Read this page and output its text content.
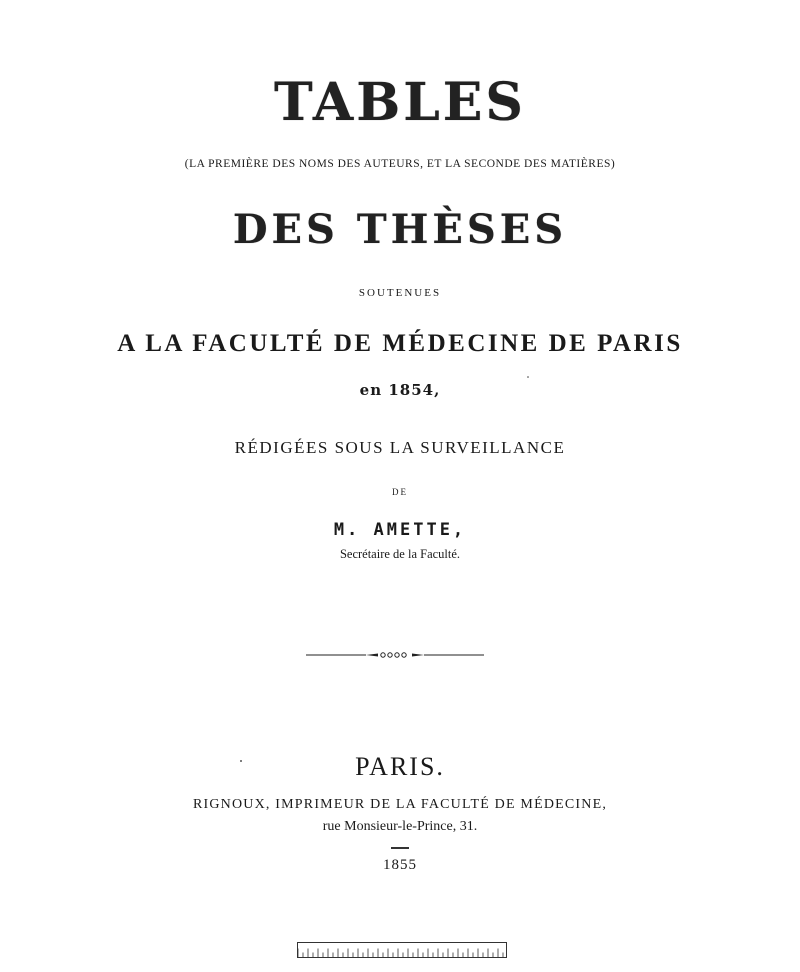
TABLES
(LA PREMIÈRE DES NOMS DES AUTEURS, ET LA SECONDE DES MATIÈRES)
DES THÈSES
SOUTENUES
A LA FACULTÉ DE MÉDECINE DE PARIS
en 1854,
RÉDIGÉES SOUS LA SURVEILLANCE
DE
M. AMETTE,
Secrétaire de la Faculté.
PARIS.
RIGNOUX, IMPRIMEUR DE LA FACULTÉ DE MÉDECINE,
rue Monsieur-le-Prince, 31.
1855
